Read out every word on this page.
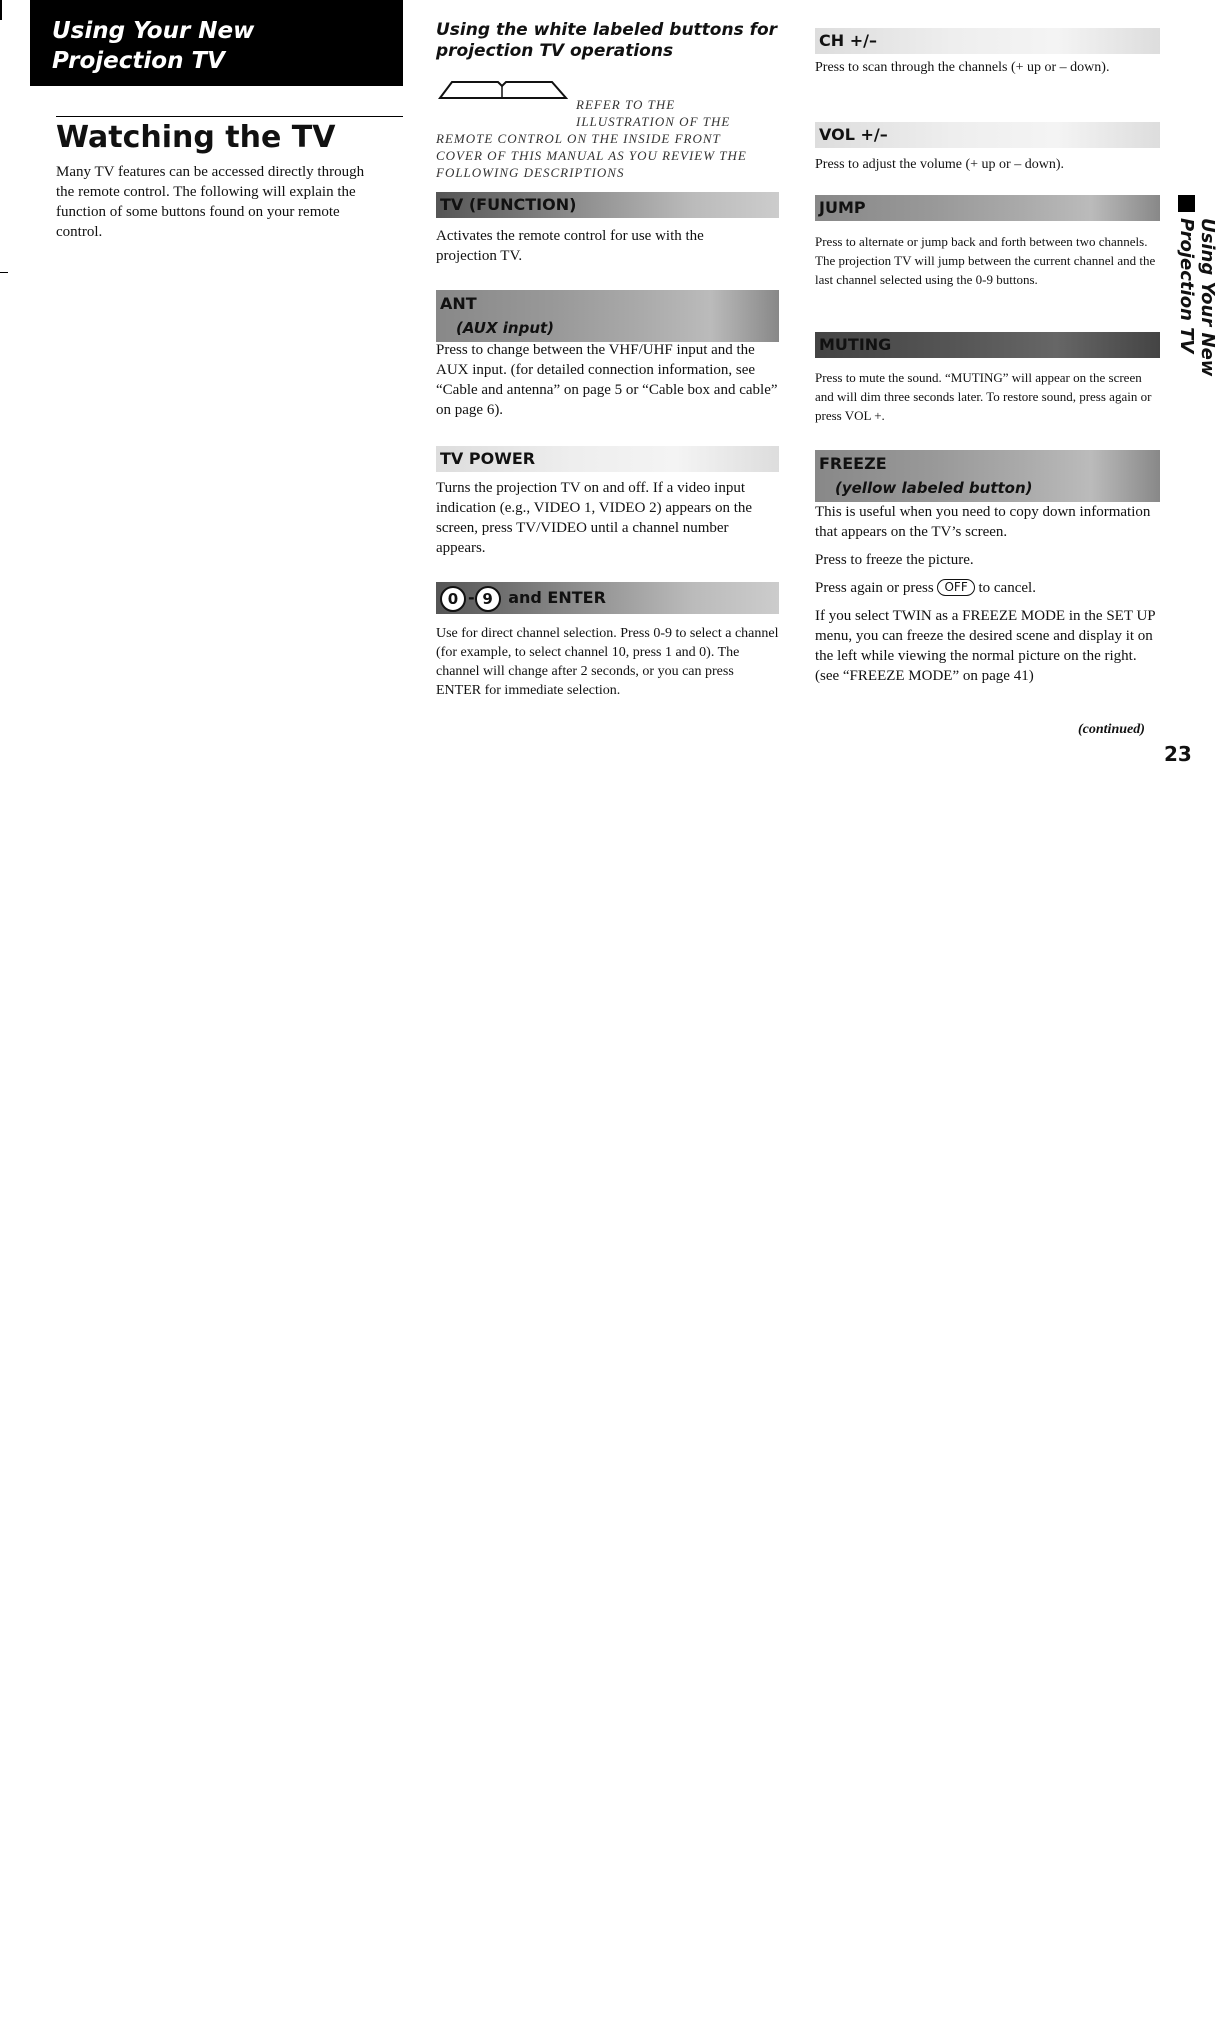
Using Your New
Projection TV
Watching the TV

Many TV features can be accessed directly through the remote control. The following will explain the function of some buttons found on your remote control.

Using the white labeled buttons for projection TV operations
REFER TO THE
ILLUSTRATION OF THE
REMOTE CONTROL ON THE INSIDE FRONT
COVER OF THIS MANUAL AS YOU REVIEW THE
FOLLOWING DESCRIPTIONS
TV (FUNCTION)

Activates the remote control for use with the projection TV.

ANT
(AUX input)

Press to change between the VHF/UHF input and the AUX input. (for detailed connection information, see “Cable and antenna” on page 5 or “Cable box and cable” on page 6).

TV POWER

Turns the projection TV on and off. If a video input indication (e.g., VIDEO 1, VIDEO 2) appears on the screen, press TV/VIDEO until a channel number appears.

0 - 9 and ENTER

Use for direct channel selection. Press 0-9 to select a channel (for example, to select channel 10, press 1 and 0). The channel will change after 2 seconds, or you can press ENTER for immediate selection.

CH +/–

Press to scan through the channels (+ up or – down).

VOL +/–

Press to adjust the volume (+ up or – down).

JUMP

Press to alternate or jump back and forth between two channels. The projection TV will jump between the current channel and the last channel selected using the 0-9 buttons.

MUTING

Press to mute the sound. “MUTING” will appear on the screen and will dim three seconds later. To restore sound, press again or press VOL +.

FREEZE
(yellow labeled button)

This is useful when you need to copy down information that appears on the TV’s screen.

Press to freeze the picture.

Press again or press OFF to cancel.

If you select TWIN as a FREEZE MODE in the SET UP menu, you can freeze the desired scene and display it on the left while viewing the normal picture on the right. (see “FREEZE MODE” on page 41)

(continued)

23

Using Your New Projection TV
